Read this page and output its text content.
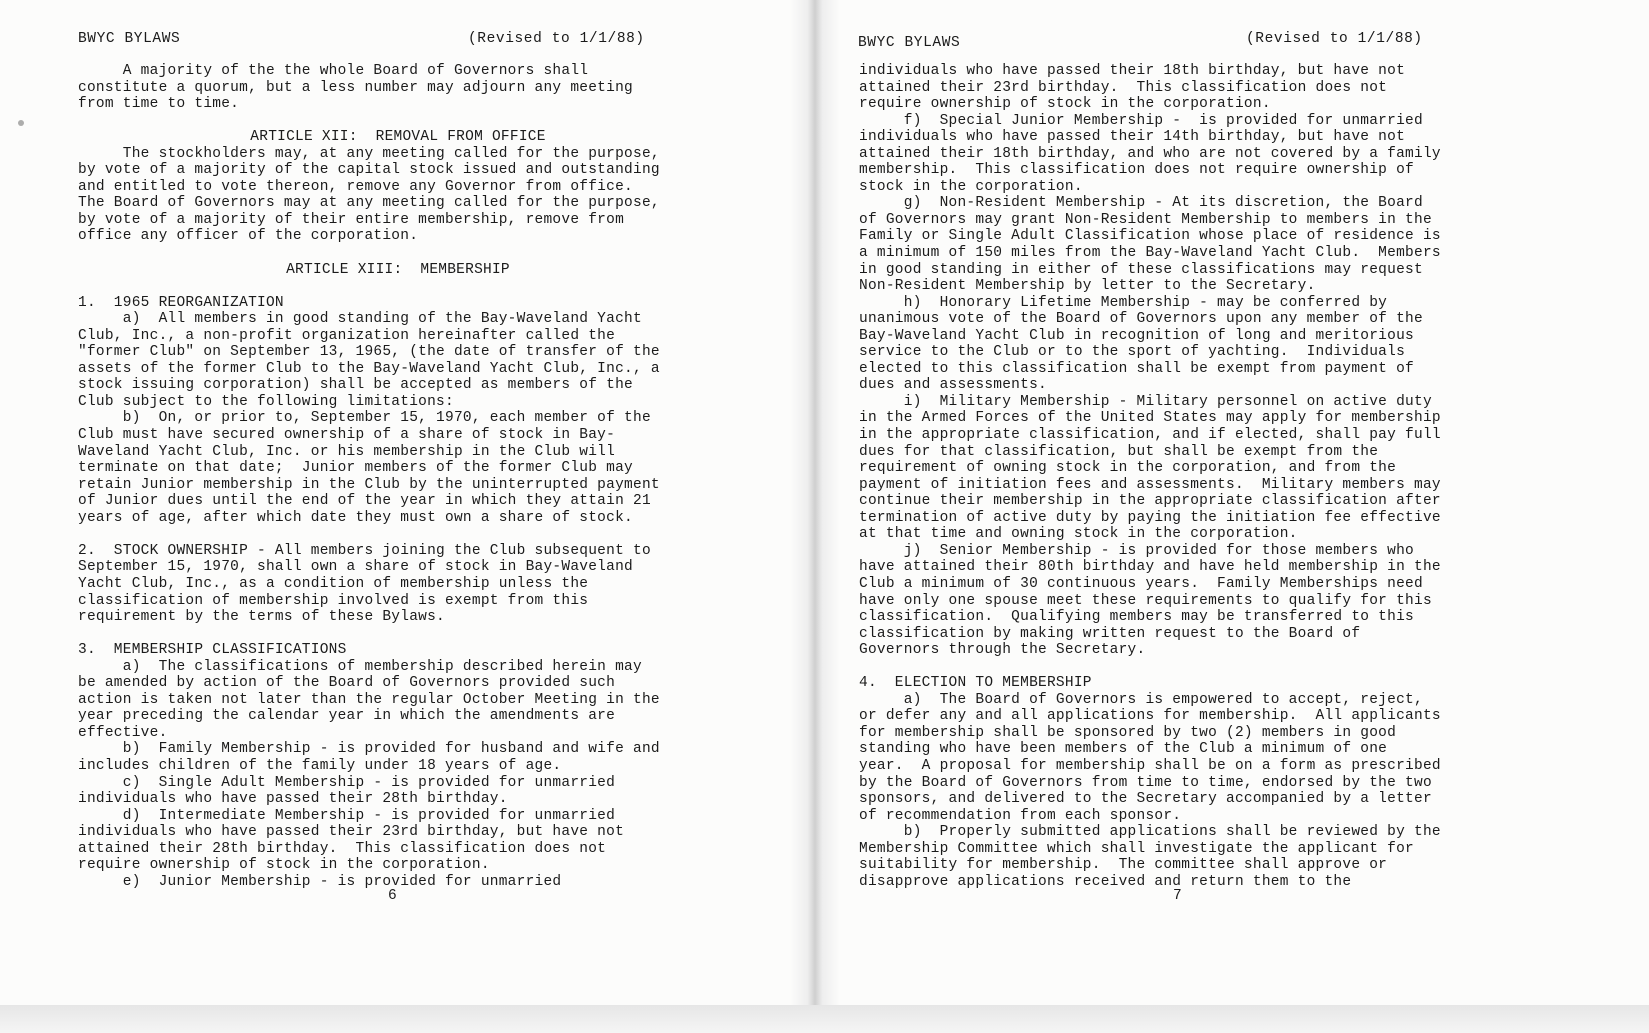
BWYC BYLAWS	(Revised to 1/1/88)
A majority of the the whole Board of Governors shall
constitute a quorum, but a less number may adjourn any meeting
from time to time.
ARTICLE XII:  REMOVAL FROM OFFICE
The stockholders may, at any meeting called for the purpose,
by vote of a majority of the capital stock issued and outstanding
and entitled to vote thereon, remove any Governor from office.
The Board of Governors may at any meeting called for the purpose,
by vote of a majority of their entire membership, remove from
office any officer of the corporation.
ARTICLE XIII:  MEMBERSHIP
1.  1965 REORGANIZATION
a)  All members in good standing of the Bay-Waveland Yacht
Club, Inc., a non-profit organization hereinafter called the
"former Club" on September 13, 1965, (the date of transfer of the
assets of the former Club to the Bay-Waveland Yacht Club, Inc., a
stock issuing corporation) shall be accepted as members of the
Club subject to the following limitations:
b)  On, or prior to, September 15, 1970, each member of the
Club must have secured ownership of a share of stock in Bay-
Waveland Yacht Club, Inc. or his membership in the Club will
terminate on that date;  Junior members of the former Club may
retain Junior membership in the Club by the uninterrupted payment
of Junior dues until the end of the year in which they attain 21
years of age, after which date they must own a share of stock.
2.  STOCK OWNERSHIP - All members joining the Club subsequent to
September 15, 1970, shall own a share of stock in Bay-Waveland
Yacht Club, Inc., as a condition of membership unless the
classification of membership involved is exempt from this
requirement by the terms of these Bylaws.
3.  MEMBERSHIP CLASSIFICATIONS
a)  The classifications of membership described herein may
be amended by action of the Board of Governors provided such
action is taken not later than the regular October Meeting in the
year preceding the calendar year in which the amendments are
effective.
b)  Family Membership - is provided for husband and wife and
includes children of the family under 18 years of age.
c)  Single Adult Membership - is provided for unmarried
individuals who have passed their 28th birthday.
d)  Intermediate Membership - is provided for unmarried
individuals who have passed their 23rd birthday, but have not
attained their 28th birthday.  This classification does not
require ownership of stock in the corporation.
e)  Junior Membership - is provided for unmarried
6
BWYC BYLAWS	(Revised to 1/1/88)
individuals who have passed their 18th birthday, but have not
attained their 23rd birthday.  This classification does not
require ownership of stock in the corporation.
f)  Special Junior Membership -  is provided for unmarried
individuals who have passed their 14th birthday, but have not
attained their 18th birthday, and who are not covered by a family
membership.  This classification does not require ownership of
stock in the corporation.
g)  Non-Resident Membership - At its discretion, the Board
of Governors may grant Non-Resident Membership to members in the
Family or Single Adult Classification whose place of residence is
a minimum of 150 miles from the Bay-Waveland Yacht Club.  Members
in good standing in either of these classifications may request
Non-Resident Membership by letter to the Secretary.
h)  Honorary Lifetime Membership - may be conferred by
unanimous vote of the Board of Governors upon any member of the
Bay-Waveland Yacht Club in recognition of long and meritorious
service to the Club or to the sport of yachting.  Individuals
elected to this classification shall be exempt from payment of
dues and assessments.
i)  Military Membership - Military personnel on active duty
in the Armed Forces of the United States may apply for membership
in the appropriate classification, and if elected, shall pay full
dues for that classification, but shall be exempt from the
requirement of owning stock in the corporation, and from the
payment of initiation fees and assessments.  Military members may
continue their membership in the appropriate classification after
termination of active duty by paying the initiation fee effective
at that time and owning stock in the corporation.
j)  Senior Membership - is provided for those members who
have attained their 80th birthday and have held membership in the
Club a minimum of 30 continuous years.  Family Memberships need
have only one spouse meet these requirements to qualify for this
classification.  Qualifying members may be transferred to this
classification by making written request to the Board of
Governors through the Secretary.
4.  ELECTION TO MEMBERSHIP
a)  The Board of Governors is empowered to accept, reject,
or defer any and all applications for membership.  All applicants
for membership shall be sponsored by two (2) members in good
standing who have been members of the Club a minimum of one
year.  A proposal for membership shall be on a form as prescribed
by the Board of Governors from time to time, endorsed by the two
sponsors, and delivered to the Secretary accompanied by a letter
of recommendation from each sponsor.
b)  Properly submitted applications shall be reviewed by the
Membership Committee which shall investigate the applicant for
suitability for membership.  The committee shall approve or
disapprove applications received and return them to the
7
